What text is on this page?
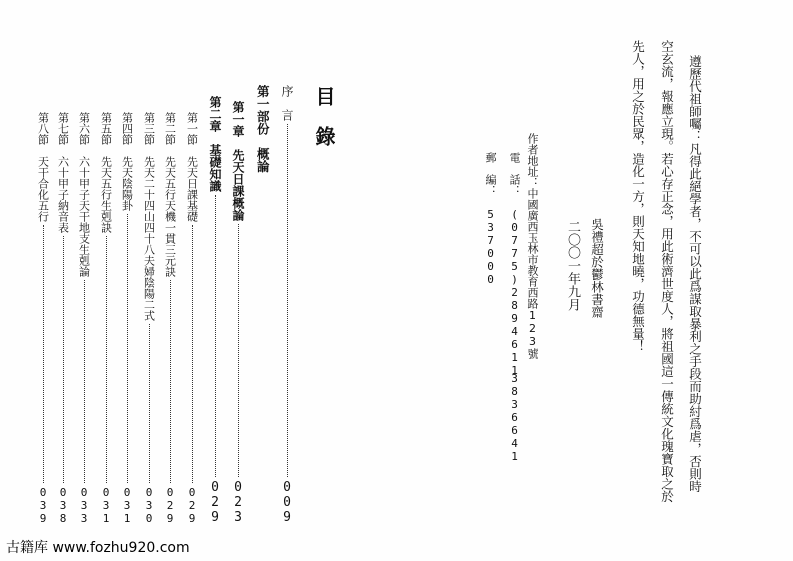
遵歷代祖師囑：凡得此絕學者，不可以此爲謀取暴利之手段而助紂爲虐，否則時
空玄流，報應立現。若心存正念，用此術濟世度人，將祖國這一傳統文化瑰寶取之於
先人，用之於民眾，造化一方，則天知地曉，功德無量！
吳禮超於鬱林書齋
二〇〇一年九月
作者地址：中國廣西玉林市教育西路123號
電　話：
(0775)2894611
3836641
郵　編：
537000
目　錄
序　言
009
第一部份　概論
第一章　先天日課概論
023
第二章　基礎知識
029
第一節　先天日課基礎
029
第二節　先天五行天機一貫三元訣
029
第三節　先天二十四山四十八夫婦陰陽二式
030
第四節　先天陰陽卦
031
第五節　先天五行生剋訣
031
第六節　六十甲子天干地支生剋論
033
第七節　六十甲子納音表
038
第八節　天干合化五行
039
古籍库 www.fozhu920.com
